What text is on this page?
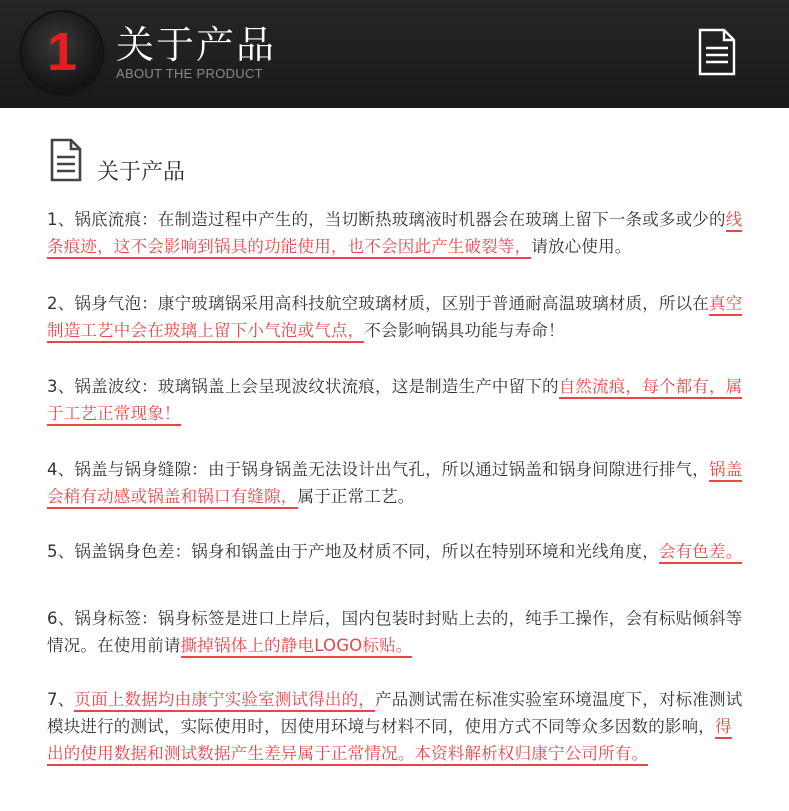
1	关于产品
ABOUT THE PRODUCT
关于产品
1、锅底流痕：在制造过程中产生的，当切断热玻璃液时机器会在玻璃上留下一条或多或少的线条痕迹，这不会影响到锅具的功能使用，也不会因此产生破裂等，请放心使用。
2、锅身气泡：康宁玻璃锅采用高科技航空玻璃材质，区别于普通耐高温玻璃材质，所以在真空制造工艺中会在玻璃上留下小气泡或气点，不会影响锅具功能与寿命！
3、锅盖波纹：玻璃锅盖上会呈现波纹状流痕，这是制造生产中留下的自然流痕，每个都有，属于工艺正常现象！
4、锅盖与锅身缝隙：由于锅身锅盖无法设计出气孔，所以通过锅盖和锅身间隙进行排气，锅盖会稍有动感或锅盖和锅口有缝隙，属于正常工艺。
5、锅盖锅身色差：锅身和锅盖由于产地及材质不同，所以在特别环境和光线角度，会有色差。
6、锅身标签：锅身标签是进口上岸后，国内包装时封贴上去的，纯手工操作，会有标贴倾斜等情况。在使用前请撕掉锅体上的静电LOGO标贴。
7、页面上数据均由康宁实验室测试得出的，产品测试需在标准实验室环境温度下，对标准测试模块进行的测试，实际使用时，因使用环境与材料不同，使用方式不同等众多因数的影响，得出的使用数据和测试数据产生差异属于正常情况。本资料解析权归康宁公司所有。
